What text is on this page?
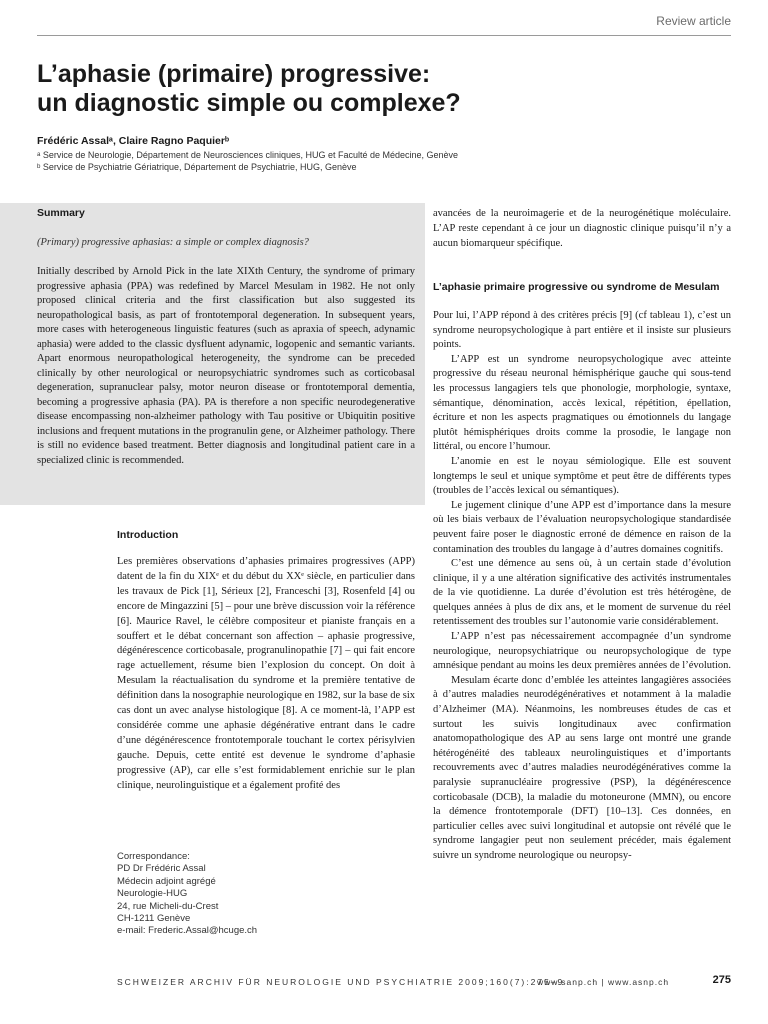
Review article
L’aphasie (primaire) progressive:
un diagnostic simple ou complexe?
Frédéric Assalᵃ, Claire Ragno Paquierᵇ
ᵃ Service de Neurologie, Département de Neurosciences cliniques, HUG et Faculté de Médecine, Genève
ᵇ Service de Psychiatrie Gériatrique, Département de Psychiatrie, HUG, Genève
Summary
(Primary) progressive aphasias: a simple or complex diagnosis?
Initially described by Arnold Pick in the late XIXth Century, the syndrome of primary progressive aphasia (PPA) was redefined by Marcel Mesulam in 1982. He not only proposed clinical criteria and the first classification but also suggested its neuropathological basis, as part of frontotemporal degeneration. In subsequent years, more cases with heterogeneous linguistic features (such as apraxia of speech, adynamic aphasia) were added to the classic dysfluent adynamic, logopenic and semantic variants. Apart enormous neuropathological heterogeneity, the syndrome can be preceded clinically by other neurological or neuropsychiatric syndromes such as corticobasal degeneration, supranuclear palsy, motor neuron disease or frontotemporal dementia, becoming a progressive aphasia (PA). PA is therefore a non specific neurodegenerative disease encompassing non-alzheimer pathology with Tau positive or Ubiquitin positive inclusions and frequent mutations in the progranulin gene, or Alzheimer pathology. There is still no evidence based treatment. Better diagnosis and longitudinal patient care in a specialized clinic is recommended.
Introduction
Les premières observations d’aphasies primaires progressives (APP) datent de la fin du XIXᵉ et du début du XXᵉ siècle, en particulier dans les travaux de Pick [1], Sérieux [2], Franceschi [3], Rosenfeld [4] ou encore de Mingazzini [5] – pour une brève discussion voir la référence [6]. Maurice Ravel, le célèbre compositeur et pianiste français en a souffert et le débat concernant son affection – aphasie progressive, dégénérescence corticobasale, progranulinopathie [7] – qui fait encore rage actuellement, résume bien l’explosion du concept. On doit à Mesulam la réactualisation du syndrome et la première tentative de définition dans la nosographie neurologique en 1982, sur la base de six cas dont un avec analyse histologique [8]. A ce moment-là, l’APP est considérée comme une aphasie dégénérative entrant dans le cadre d’une dégénérescence frontotemporale touchant le cortex périsylvien gauche. Depuis, cette entité est devenue le syndrome d’aphasie progressive (AP), car elle s’est formidablement enrichie sur le plan clinique, neurolinguistique et a également profité des
Correspondance:
PD Dr Frédéric Assal
Médecin adjoint agrégé
Neurologie-HUG
24, rue Micheli-du-Crest
CH-1211 Genève
e-mail: Frederic.Assal@hcuge.ch
avancées de la neuroimagerie et de la neurogénétique moléculaire. L’AP reste cependant à ce jour un diagnostic clinique puisqu’il n’y a aucun biomarqueur spécifique.
L’aphasie primaire progressive ou syndrome de Mesulam
Pour lui, l’APP répond à des critères précis [9] (cf tableau 1), c’est un syndrome neuropsychologique à part entière et il insiste sur plusieurs points.
L’APP est un syndrome neuropsychologique avec atteinte progressive du réseau neuronal hémisphérique gauche qui sous-tend les processus langagiers tels que phonologie, morphologie, syntaxe, sémantique, dénomination, accès lexical, répétition, épellation, écriture et non les aspects pragmatiques ou émotionnels du langage plutôt hémisphériques droits comme la prosodie, le langage non littéral, ou encore l’humour.
L’anomie en est le noyau sémiologique. Elle est souvent longtemps le seul et unique symptôme et peut être de différents types (troubles de l’accès lexical ou sémantiques).
Le jugement clinique d’une APP est d’importance dans la mesure où les biais verbaux de l’évaluation neuropsychologique standardisée peuvent faire poser le diagnostic erroné de démence en raison de la contamination des troubles du langage à d’autres domaines cognitifs.
C’est une démence au sens où, à un certain stade d’évolution clinique, il y a une altération significative des activités instrumentales de la vie quotidienne. La durée d’évolution est très hétérogène, de quelques années à plus de dix ans, et le moment de survenue du réel retentissement des troubles sur l’autonomie varie considérablement.
L’APP n’est pas nécessairement accompagnée d’un syndrome neurologique, neuropsychiatrique ou neuropsychologique de type amnésique pendant au moins les deux premières années de l’évolution.
Mesulam écarte donc d’emblée les atteintes langagières associées à d’autres maladies neurodégénératives et notamment à la maladie d’Alzheimer (MA). Néanmoins, les nombreuses études de cas et surtout les suivis longitudinaux avec confirmation anatomopathologique des AP au sens large ont montré une grande hétérogénéité des tableaux neurolinguistiques et d’importants recouvrements avec d’autres maladies neurodégénératives comme la paralysie supranucléaire progressive (PSP), la dégénérescence corticobasale (DCB), la maladie du motoneurone (MMN), ou encore la démence frontotemporale (DFT) [10–13]. Ces données, en particulier celles avec suivi longitudinal et autopsie ont révélé que le syndrome langagier peut non seulement précéder, mais également suivre un syndrome neurologique ou neuropsy-
SCHWEIZER ARCHIV FÜR NEUROLOGIE UND PSYCHIATRIE 2009;160(7):275–9
www.sanp.ch | www.asnp.ch	275
